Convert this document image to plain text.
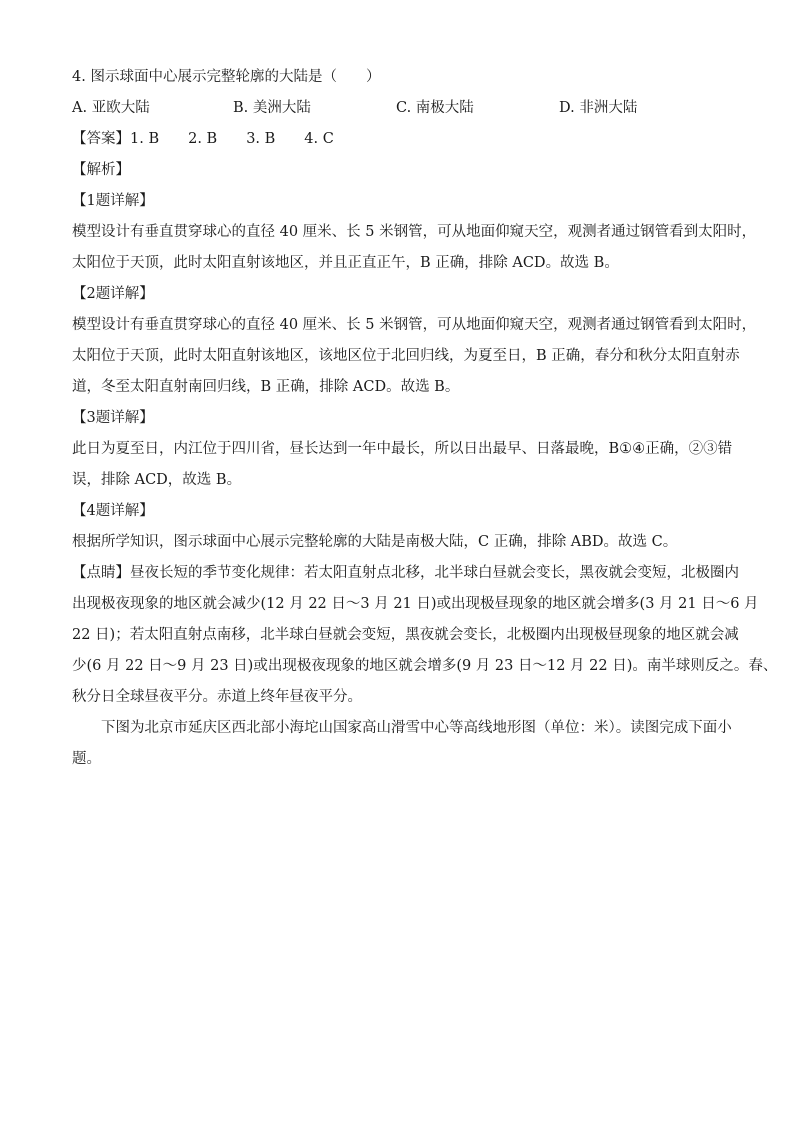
4. 图示球面中心展示完整轮廓的大陆是（　　）
A. 亚欧大陆	B. 美洲大陆	C. 南极大陆	D. 非洲大陆
【答案】1. B　　2. B　　3. B　　4. C
【解析】
【1题详解】
模型设计有垂直贯穿球心的直径 40 厘米、长 5 米钢管，可从地面仰窥天空，观测者通过钢管看到太阳时，
太阳位于天顶，此时太阳直射该地区，并且正直正午，B 正确，排除 ACD。故选 B。
【2题详解】
模型设计有垂直贯穿球心的直径 40 厘米、长 5 米钢管，可从地面仰窥天空，观测者通过钢管看到太阳时，
太阳位于天顶，此时太阳直射该地区，该地区位于北回归线，为夏至日，B 正确，春分和秋分太阳直射赤
道，冬至太阳直射南回归线，B 正确，排除 ACD。故选 B。
【3题详解】
此日为夏至日，内江位于四川省，昼长达到一年中最长，所以日出最早、日落最晚，B①④正确，②③错
误，排除 ACD，故选 B。
【4题详解】
根据所学知识，图示球面中心展示完整轮廓的大陆是南极大陆，C 正确，排除 ABD。故选 C。
【点睛】昼夜长短的季节变化规律：若太阳直射点北移，北半球白昼就会变长，黑夜就会变短，北极圈内
出现极夜现象的地区就会减少(12 月 22 日～3 月 21 日)或出现极昼现象的地区就会增多(3 月 21 日～6 月
22 日)；若太阳直射点南移，北半球白昼就会变短，黑夜就会变长，北极圈内出现极昼现象的地区就会减
少(6 月 22 日～9 月 23 日)或出现极夜现象的地区就会增多(9 月 23 日～12 月 22 日)。南半球则反之。春、
秋分日全球昼夜平分。赤道上终年昼夜平分。
下图为北京市延庆区西北部小海坨山国家高山滑雪中心等高线地形图（单位：米）。读图完成下面小
题。
